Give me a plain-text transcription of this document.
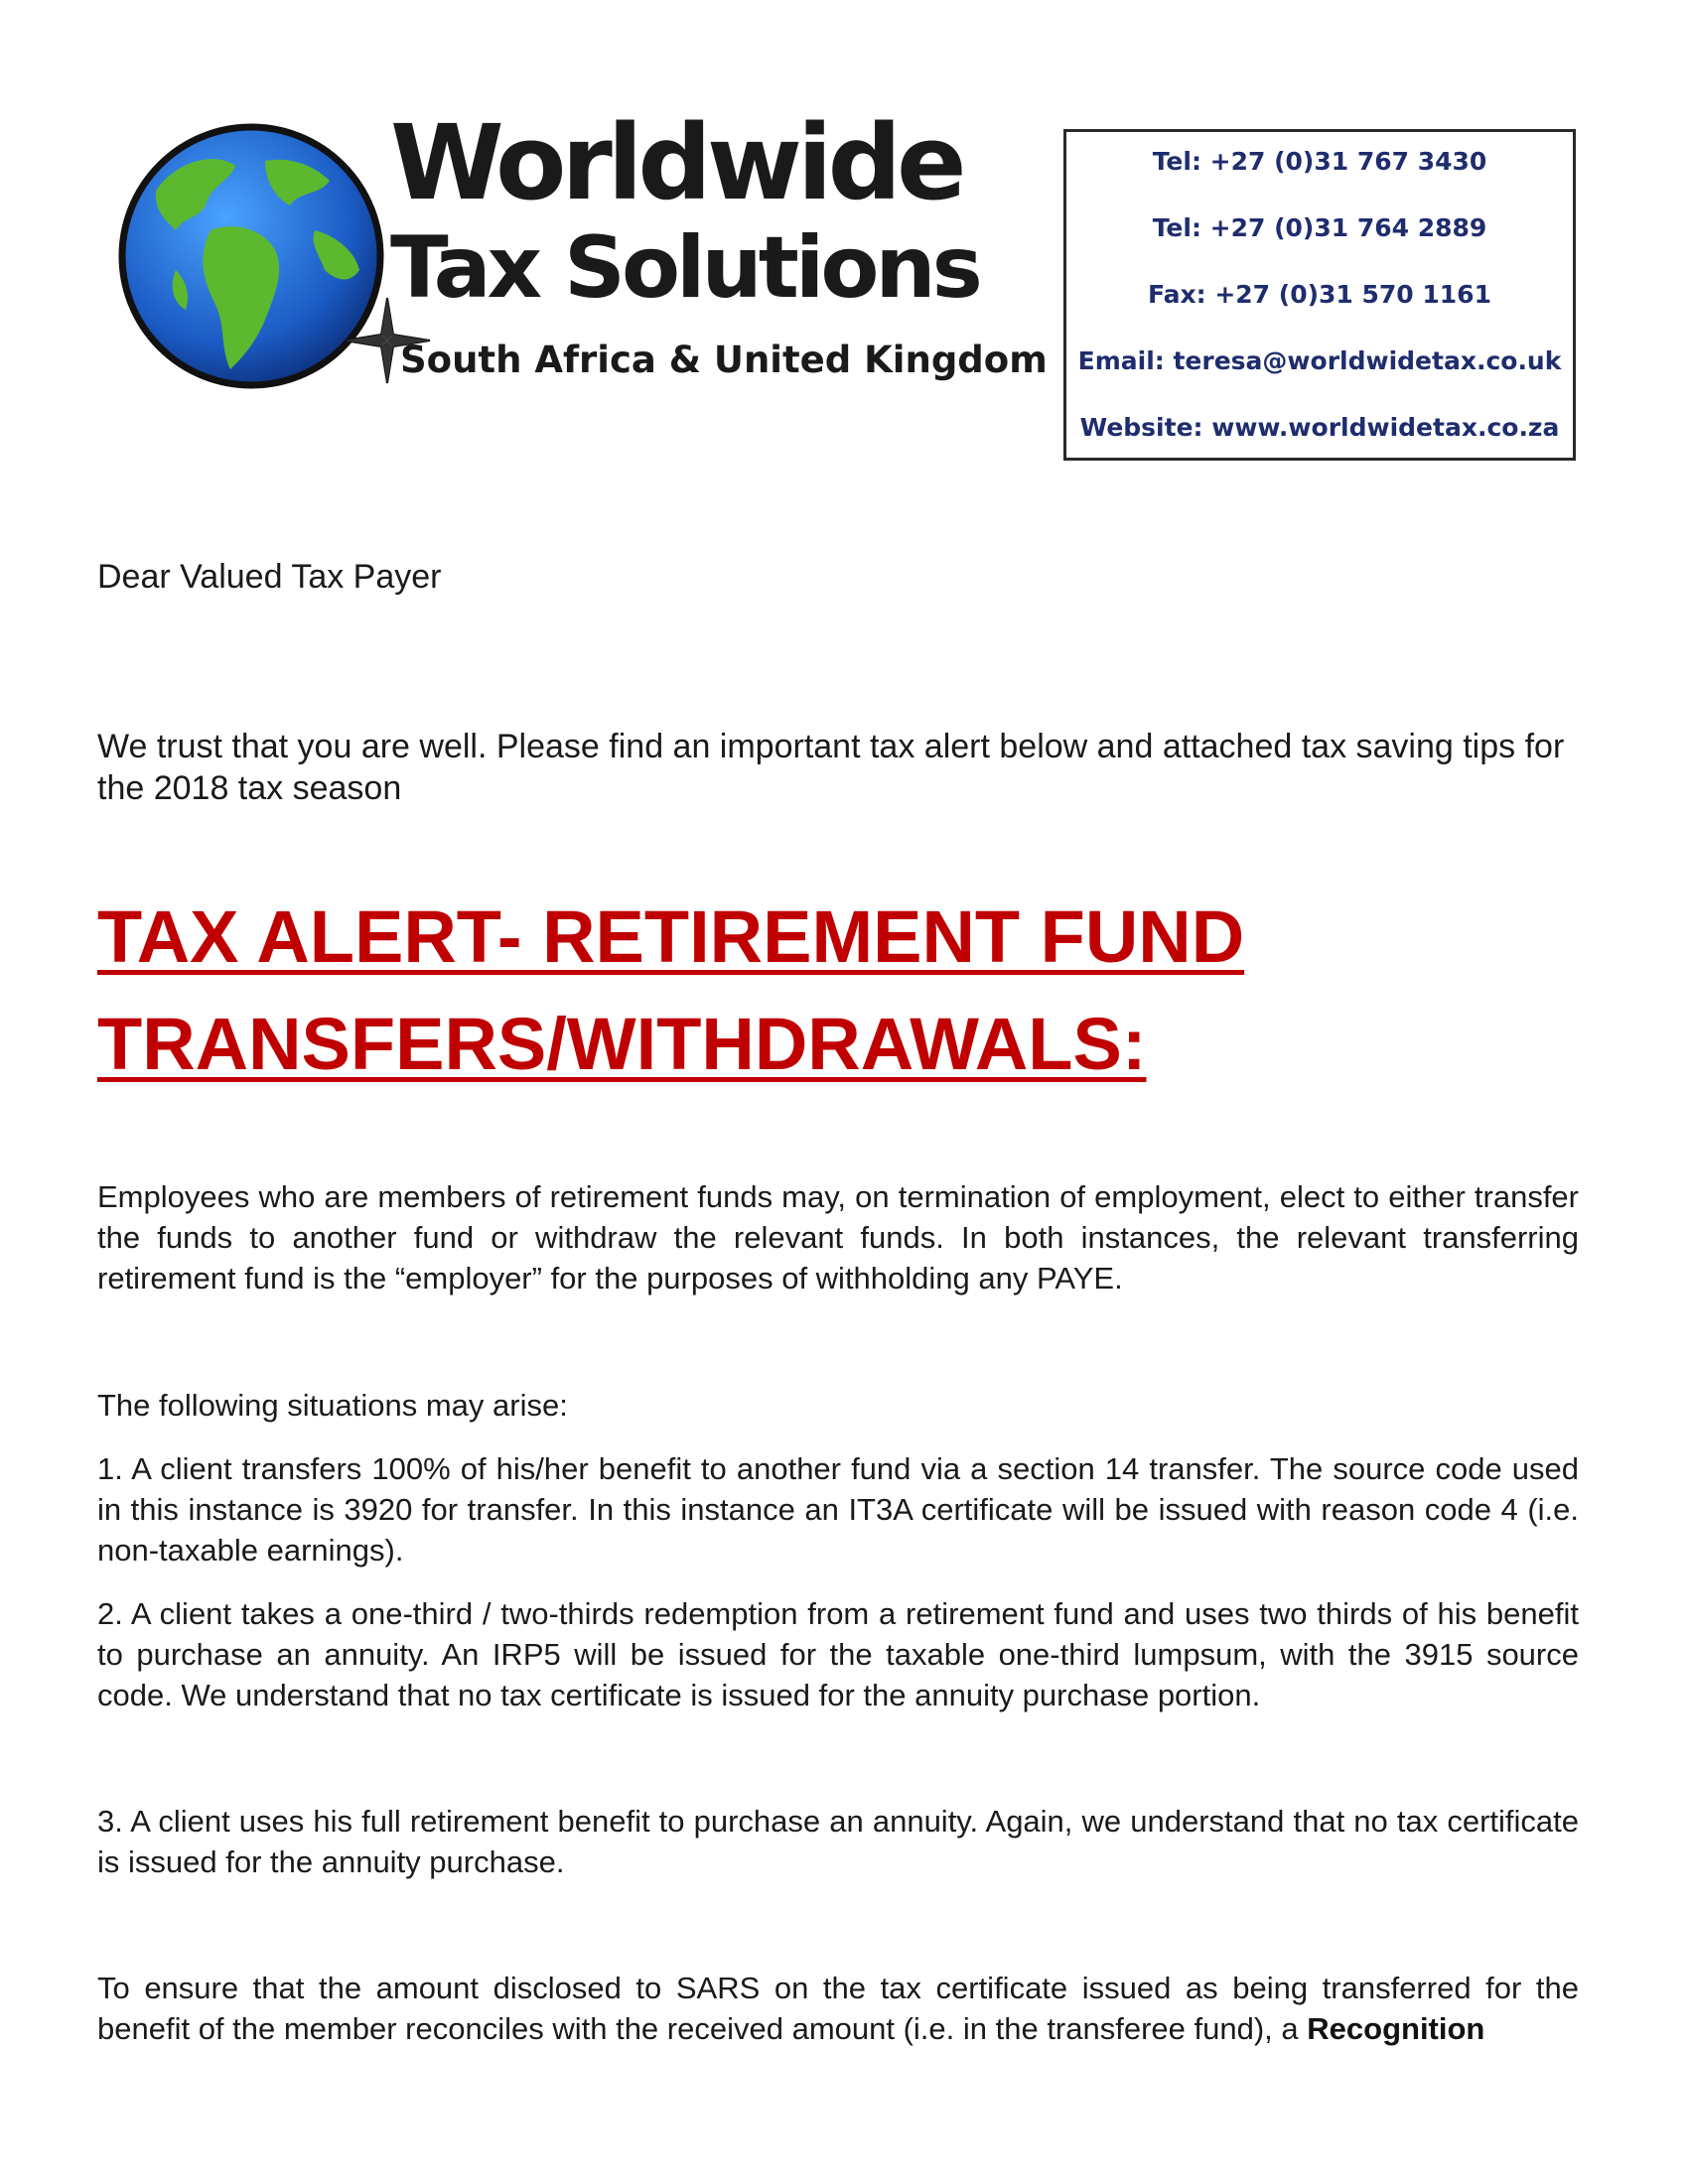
Worldwide
Tax Solutions
South Africa & United Kingdom
Tel: +27 (0)31 767 3430
Tel: +27 (0)31 764 2889
Fax: +27 (0)31 570 1161
Email: teresa@worldwidetax.co.uk
Website: www.worldwidetax.co.za
Dear Valued Tax Payer
We trust that you are well. Please find an important tax alert below and attached tax saving tips for the 2018 tax season
TAX ALERT- RETIREMENT FUND TRANSFERS/WITHDRAWALS:
Employees who are members of retirement funds may, on termination of employment, elect to either transfer the funds to another fund or withdraw the relevant funds. In both instances, the relevant transferring retirement fund is the “employer” for the purposes of withholding any PAYE.
The following situations may arise:
1. A client transfers 100% of his/her benefit to another fund via a section 14 transfer. The source code used in this instance is 3920 for transfer. In this instance an IT3A certificate will be issued with reason code 4 (i.e. non-taxable earnings).
2. A client takes a one-third / two-thirds redemption from a retirement fund and uses two thirds of his benefit to purchase an annuity. An IRP5 will be issued for the taxable one-third lumpsum, with the 3915 source code. We understand that no tax certificate is issued for the annuity purchase portion.
3. A client uses his full retirement benefit to purchase an annuity. Again, we understand that no tax certificate is issued for the annuity purchase.
To ensure that the amount disclosed to SARS on the tax certificate issued as being transferred for the benefit of the member reconciles with the received amount (i.e. in the transferee fund), a Recognition
